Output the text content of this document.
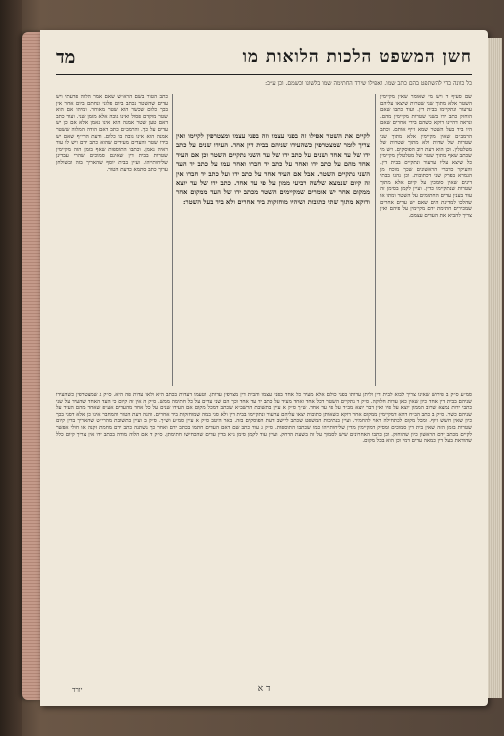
חשן המשפט הלכות הלואות מו
מד
כל כוונה כדי להשתפט בהם כתב שמו. ואפילו שירד החתימה שמו בלשונו וכשמם. וכן ע״כ:
שם סעיף ד ויש מי שאומר שאין מקיימין השטר אלא מתוך שני שטרות שיצאו עליהם ערעור ונתקיימו בבית דין. ועוד כתבו שאם הוחזק כתב ידו בשני שטרות מקיימין מהם. ונראה דהיינו דוקא כשהם בידי אחרים שאם היו ביד בעל השטר שמא זייף אותם. וכתב הרמב״ם שאין מקיימין אלא מתוך שני שטרות של שדות ולא מתוך שטרות של מטלטלין. וכן הוא דעת רוב הפוסקים. ויש מי שכתב שאף מתוך שטר של מטלטלין מקיימין כל שיצא עליו ערעור ונתקיים בבית דין. והעיקר כדברי הראשונים שכך מוכח מן הגמרא בפרק שני דכתובות. וכן נהגו בבתי דינים שאין סומכין על קיום אלא מתוך שטרות שנתקיימו כדין. ועיין לקמן בסימן זה עוד בענין עדים החתומים על השטר ומתו או שהלכו למדינת הים שאם יש עדים אחרים שמכירים חתימת ידם מקיימין על פיהם ואין צריך להביא את העדים עצמם.
לקיים את השטר אפילו זה בפני עצמו וזה בפני עצמו ומצטרפין לקיימו ואין צריך לומר שמצטרפין כשהעידו שניהם בבית דין אחד. העידו שנים על כתב ידו של עד אחד ושנים על כתב ידו של עד השני נתקיים השטר וכן אם העיד אחד מהם על כתב ידו ואחד על כתב יד חברו ואחר עמו על כתב יד העד השני נתקיים השטר. אבל אם העיד אחד על כתב ידו ועל כתב יד חברו אין זה קיום שנמצא שלשה רביעי ממון על פי עד אחד. כתב ידו של עד יוצא ממקום אחר יש אומרים שמקיימים השטר מכתב ידו של העד ממקום אחר ודוקא מתוך שתי כתובות ושיהיו מוחזקות ביד אחרים ולא ביד בעל השטר:
כתב הטור בשם הרא״ש שאם אמר הלוה פרעתי ויש עדים שהשטר נכתב ביום פלוני ונחתם ביום אחר אין בכך כלום שכשר הוא שטר מאוחר. ומיהו אם הוא שטר מוקדם פסול ואינו גובה אלא מזמן שני. ועוד כתב דאם טען שטר אמנה הוא אינו נאמן אלא אם כן יש עדים על כך. והרמב״ם כתב דאם הודה המלוה ששטר אמנה הוא אינו גובה בו כלום. ודעת הרי״ף שאם יש בידו שטר והעדים מעידים שהוא כתב ידם ויש לו עוד ראיה נאמן. וכתבו התוספות שאף בזמן הזה מקיימין שטרות בבית דין שאינם סמוכים שהרי עבדינן שליחותייהו. ועיין בבית יוסף שהאריך בזה ובשולחן ערוך כתב סתמא כדעת הטור.
סמ״ע ס״ק ב פירוש שאינו צריך לבוא לבית דין וליתן עדותו בפני כולם אלא מעיד כל אחד בפני עצמו והבית דין מצרפין עדותן. וטעמו דעדות בכתב היא ולאו עדות פה היא. ס״ק ג שמצטרפין כשהעידו שניהם בבית דין אחד כיון שאין כאן עדות חלוקה. ס״ק ד נתקיים השטר דכל אחד ואחד מעיד על כתב יד עד אחד וכך הם שני עדים על כל חתימה ממש. ס״ק ה אין זה קיום כי העד האחד שהעיד על שני כתבי ידות נמצא שרוב הממון יוצא על פיו ואין דבר יוצא מב״ד על פי עד אחד. ש״ך ס״ק א עיין בתשובת הרשב״א שכתב דמכל מקום אם העידו שנים על כל אחד מהעדים אע״פ שאחד מהם העיד על שניהם כשר. ס״ק ב כתב הב״ח דהא דמקיימין ממקום אחר דוקא כשאותן כתובות יצאו עליהם ערעור ונתקיימו בבית דין ולא סגי במה שמוחזקות ביד אחרים. והנה דעת הטור והמחבר אינו כן אלא דסגי בכך כיון שאין חשש זיוף. ומכל מקום לכתחילה ראוי להחמיר. ועיין בנתיבות המשפט שכתב ליישב דעת הפוסקים בזה. באר היטב ס״ק א עיין סמ״ע וש״ך. ס״ק ב ועיין בתשובת מהרי״ט שהאריך בדין קיום שטרות בזמן הזה שאין בית דין סמוכים ומסיק דמקיימין מדין שליחותייהו כמו שכתבו התוספות. ס״ק ג עוד כתב שם דאם העדים חתמו בכתב ידם ואחר כך נשתנה כתב ידם מחמת זקנה או חולי אפשר לקיים מכתב ידם הראשון כיון שהוחזק. וכן כתבו האחרונים שיש לסמוך על זה בשעת הדחק. ועיין עוד לקמן סימן נ״א בדין עדים שהכחישו חתימתן. ס״ק ד אם הלוה מודה בכתב ידו אין צריך קיום כלל שהודאת בעל דין כמאה עדים דמי וכן הוא בכל מקום.
ד א
יורד
